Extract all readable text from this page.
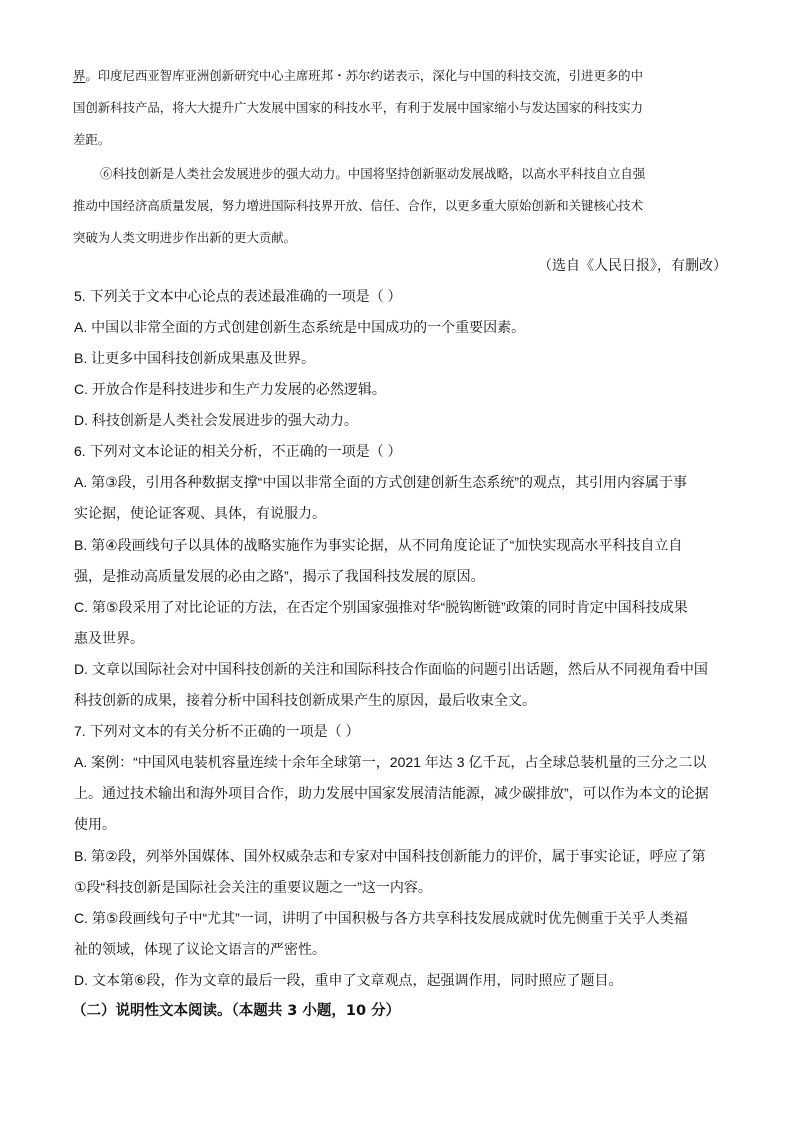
界。印度尼西亚智库亚洲创新研究中心主席班邦・苏尔约诺表示，深化与中国的科技交流，引进更多的中
国创新科技产品，将大大提升广大发展中国家的科技水平，有利于发展中国家缩小与发达国家的科技实力
差距。
⑥科技创新是人类社会发展进步的强大动力。中国将坚持创新驱动发展战略，以高水平科技自立自强
推动中国经济高质量发展，努力增进国际科技界开放、信任、合作，以更多重大原始创新和关键核心技术
突破为人类文明进步作出新的更大贡献。
（选自《人民日报》，有删改）
5. 下列关于文本中心论点的表述最准确的一项是（ ）
A. 中国以非常全面的方式创建创新生态系统是中国成功的一个重要因素。
B. 让更多中国科技创新成果惠及世界。
C. 开放合作是科技进步和生产力发展的必然逻辑。
D. 科技创新是人类社会发展进步的强大动力。
6. 下列对文本论证的相关分析，不正确的一项是（ ）
A. 第③段，引用各种数据支撑“中国以非常全面的方式创建创新生态系统”的观点，其引用内容属于事
实论据，使论证客观、具体，有说服力。
B. 第④段画线句子以具体的战略实施作为事实论据，从不同角度论证了“加快实现高水平科技自立自
强，是推动高质量发展的必由之路”，揭示了我国科技发展的原因。
C. 第⑤段采用了对比论证的方法，在否定个别国家强推对华“脱钩断链”政策的同时肯定中国科技成果
惠及世界。
D. 文章以国际社会对中国科技创新的关注和国际科技合作面临的问题引出话题，然后从不同视角看中国
科技创新的成果，接着分析中国科技创新成果产生的原因，最后收束全文。
7. 下列对文本的有关分析不正确的一项是（ ）
A. 案例：“中国风电装机容量连续十余年全球第一，2021 年达 3 亿千瓦，占全球总装机量的三分之二以
上。通过技术输出和海外项目合作，助力发展中国家发展清洁能源，减少碳排放”，可以作为本文的论据
使用。
B. 第②段，列举外国媒体、国外权威杂志和专家对中国科技创新能力的评价，属于事实论证，呼应了第
①段“科技创新是国际社会关注的重要议题之一”这一内容。
C. 第⑤段画线句子中“尤其”一词，讲明了中国积极与各方共享科技发展成就时优先侧重于关乎人类福
祉的领域，体现了议论文语言的严密性。
D. 文本第⑥段，作为文章的最后一段，重申了文章观点，起强调作用，同时照应了题目。
（二）说明性文本阅读。（本题共 3 小题，10 分）
